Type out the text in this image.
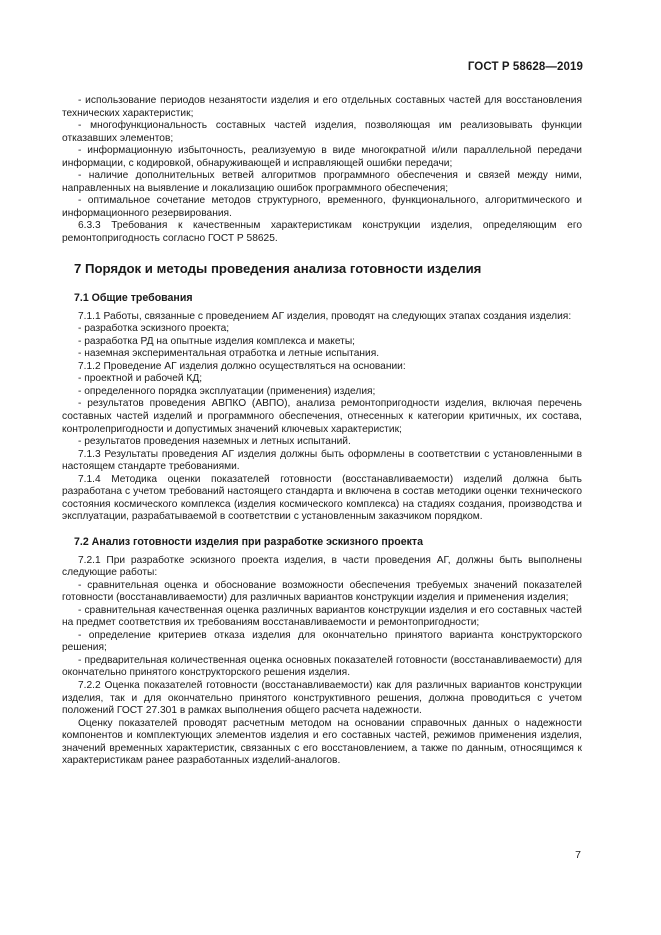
ГОСТ Р 58628—2019
- использование периодов незанятости изделия и его отдельных составных частей для восстановления технических характеристик;
- многофункциональность составных частей изделия, позволяющая им реализовывать функции отказавших элементов;
- информационную избыточность, реализуемую в виде многократной и/или параллельной передачи информации, с кодировкой, обнаруживающей и исправляющей ошибки передачи;
- наличие дополнительных ветвей алгоритмов программного обеспечения и связей между ними, направленных на выявление и локализацию ошибок программного обеспечения;
- оптимальное сочетание методов структурного, временного, функционального, алгоритмического и информационного резервирования.
6.3.3 Требования к качественным характеристикам конструкции изделия, определяющим его ремонтопригодность согласно ГОСТ Р 58625.
7 Порядок и методы проведения анализа готовности изделия
7.1 Общие требования
7.1.1 Работы, связанные с проведением АГ изделия, проводят на следующих этапах создания изделия:
- разработка эскизного проекта;
- разработка РД на опытные изделия комплекса и макеты;
- наземная экспериментальная отработка и летные испытания.
7.1.2 Проведение АГ изделия должно осуществляться на основании:
- проектной и рабочей КД;
- определенного порядка эксплуатации (применения) изделия;
- результатов проведения АВПКО (АВПО), анализа ремонтопригодности изделия, включая перечень составных частей изделий и программного обеспечения, отнесенных к категории критичных, их состава, контролепригодности и допустимых значений ключевых характеристик;
- результатов проведения наземных и летных испытаний.
7.1.3 Результаты проведения АГ изделия должны быть оформлены в соответствии с установленными в настоящем стандарте требованиями.
7.1.4 Методика оценки показателей готовности (восстанавливаемости) изделий должна быть разработана с учетом требований настоящего стандарта и включена в состав методики оценки технического состояния космического комплекса (изделия космического комплекса) на стадиях создания, производства и эксплуатации, разрабатываемой в соответствии с установленным заказчиком порядком.
7.2 Анализ готовности изделия при разработке эскизного проекта
7.2.1 При разработке эскизного проекта изделия, в части проведения АГ, должны быть выполнены следующие работы:
- сравнительная оценка и обоснование возможности обеспечения требуемых значений показателей готовности (восстанавливаемости) для различных вариантов конструкции изделия и применения изделия;
- сравнительная качественная оценка различных вариантов конструкции изделия и его составных частей на предмет соответствия их требованиям восстанавливаемости и ремонтопригодности;
- определение критериев отказа изделия для окончательно принятого варианта конструкторского решения;
- предварительная количественная оценка основных показателей готовности (восстанавливаемости) для окончательно принятого конструкторского решения изделия.
7.2.2 Оценка показателей готовности (восстанавливаемости) как для различных вариантов конструкции изделия, так и для окончательно принятого конструктивного решения, должна проводиться с учетом положений ГОСТ 27.301 в рамках выполнения общего расчета надежности.
Оценку показателей проводят расчетным методом на основании справочных данных о надежности компонентов и комплектующих элементов изделия и его составных частей, режимов применения изделия, значений временных характеристик, связанных с его восстановлением, а также по данным, относящимся к характеристикам ранее разработанных изделий-аналогов.
7
